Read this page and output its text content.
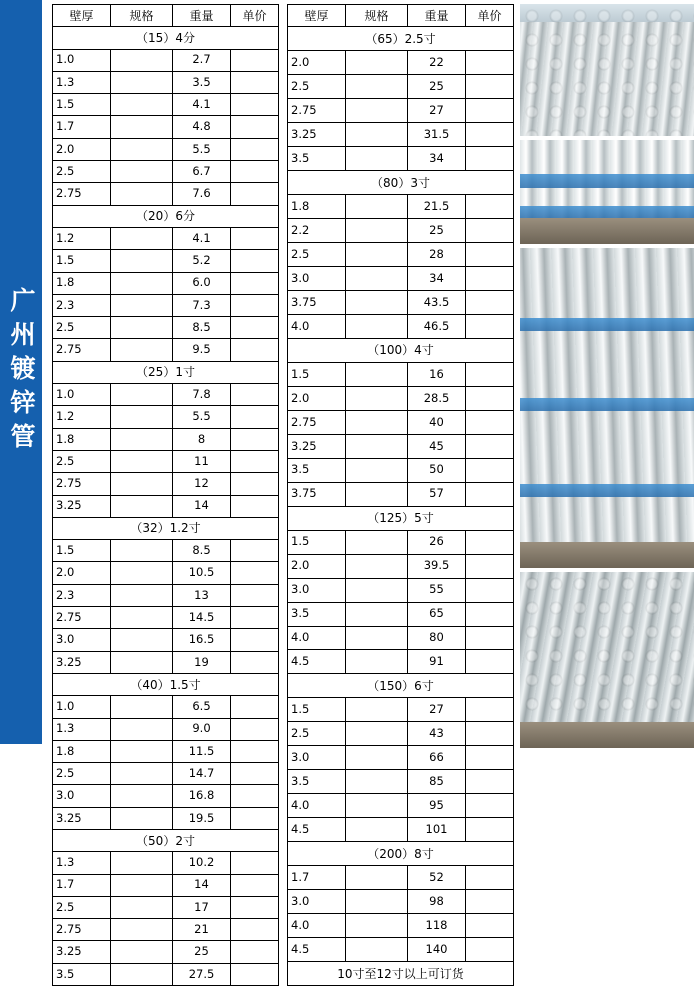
广州镀锌管
壁厚	规格	重量	单价
（15）4分			
1.0		2.7	
1.3		3.5	
1.5		4.1	
1.7		4.8	
2.0		5.5	
2.5		6.7	
2.75		7.6	
（20）6分			
1.2		4.1	
1.5		5.2	
1.8		6.0	
2.3		7.3	
2.5		8.5	
2.75		9.5	
（25）1寸			
1.0		7.8	
1.2		5.5	
1.8		8	
2.5		11	
2.75		12	
3.25		14	
（32）1.2寸			
1.5		8.5	
2.0		10.5	
2.3		13	
2.75		14.5	
3.0		16.5	
3.25		19	
（40）1.5寸			
1.0		6.5	
1.3		9.0	
1.8		11.5	
2.5		14.7	
3.0		16.8	
3.25		19.5	
（50）2寸			
1.3		10.2	
1.7		14	
2.5		17	
2.75		21	
3.25		25	
3.5		27.5	
壁厚	规格	重量	单价
（65）2.5寸			
2.0		22	
2.5		25	
2.75		27	
3.25		31.5	
3.5		34	
（80）3寸			
1.8		21.5	
2.2		25	
2.5		28	
3.0		34	
3.75		43.5	
4.0		46.5	
（100）4寸			
1.5		16	
2.0		28.5	
2.75		40	
3.25		45	
3.5		50	
3.75		57	
（125）5寸			
1.5		26	
2.0		39.5	
3.0		55	
3.5		65	
4.0		80	
4.5		91	
（150）6寸			
1.5		27	
2.5		43	
3.0		66	
3.5		85	
4.0		95	
4.5		101	
（200）8寸			
1.7		52	
3.0		98	
4.0		118	
4.5		140	
10寸至12寸以上可订货			
